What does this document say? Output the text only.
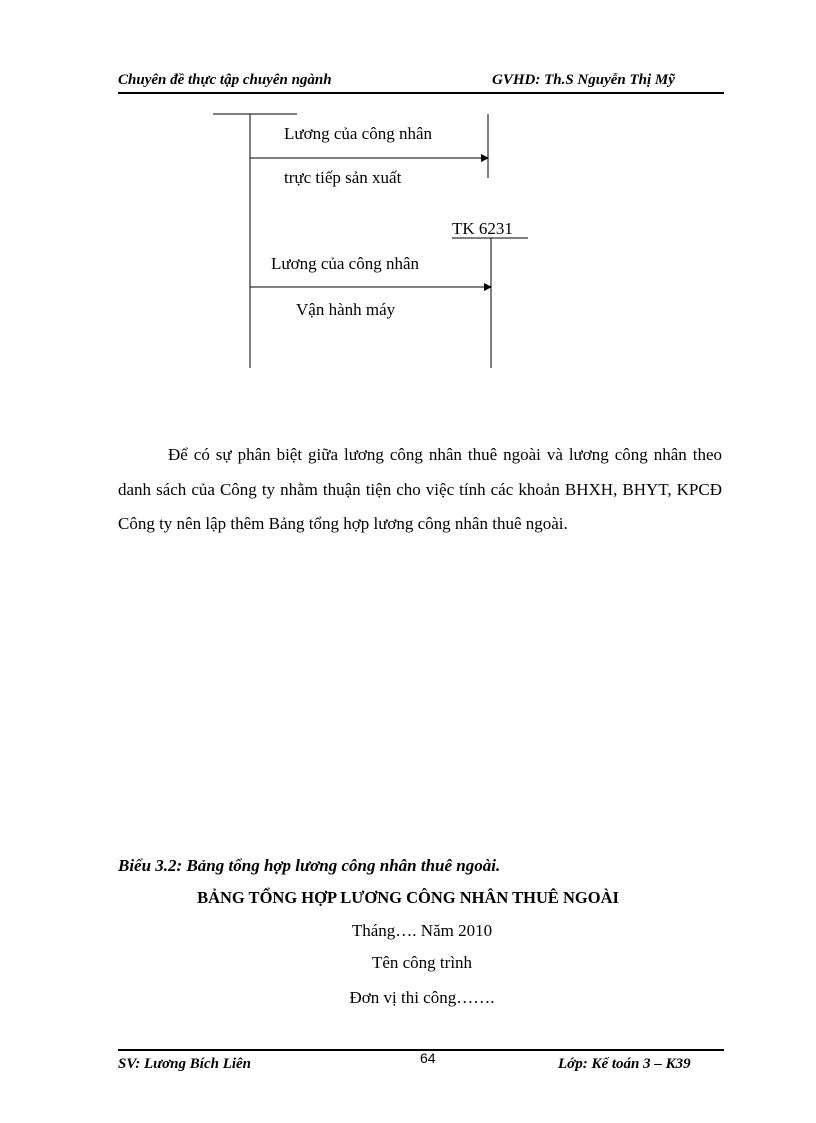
Chuyên đề thực tập chuyên ngành	GVHD: Th.S Nguyễn Thị Mỹ
Lương của công nhân
trực tiếp sản xuất
TK 6231
Lương của công nhân
Vận hành máy

Để có sự phân biệt giữa lương công nhân thuê ngoài và lương công nhân theo danh sách của Công ty nhằm thuận tiện cho việc tính các khoản BHXH, BHYT, KPCĐ Công ty nên lập thêm Bảng tổng hợp lương công nhân thuê ngoài.

Biểu 3.2: Bảng tổng hợp lương công nhân thuê ngoài.
BẢNG TỔNG HỢP LƯƠNG CÔNG NHÂN THUÊ NGOÀI
Tháng…. Năm 2010
Tên công trình
Đơn vị thi công…….
SV: Lương Bích Liên	64	Lớp: Kế toán 3 – K39
